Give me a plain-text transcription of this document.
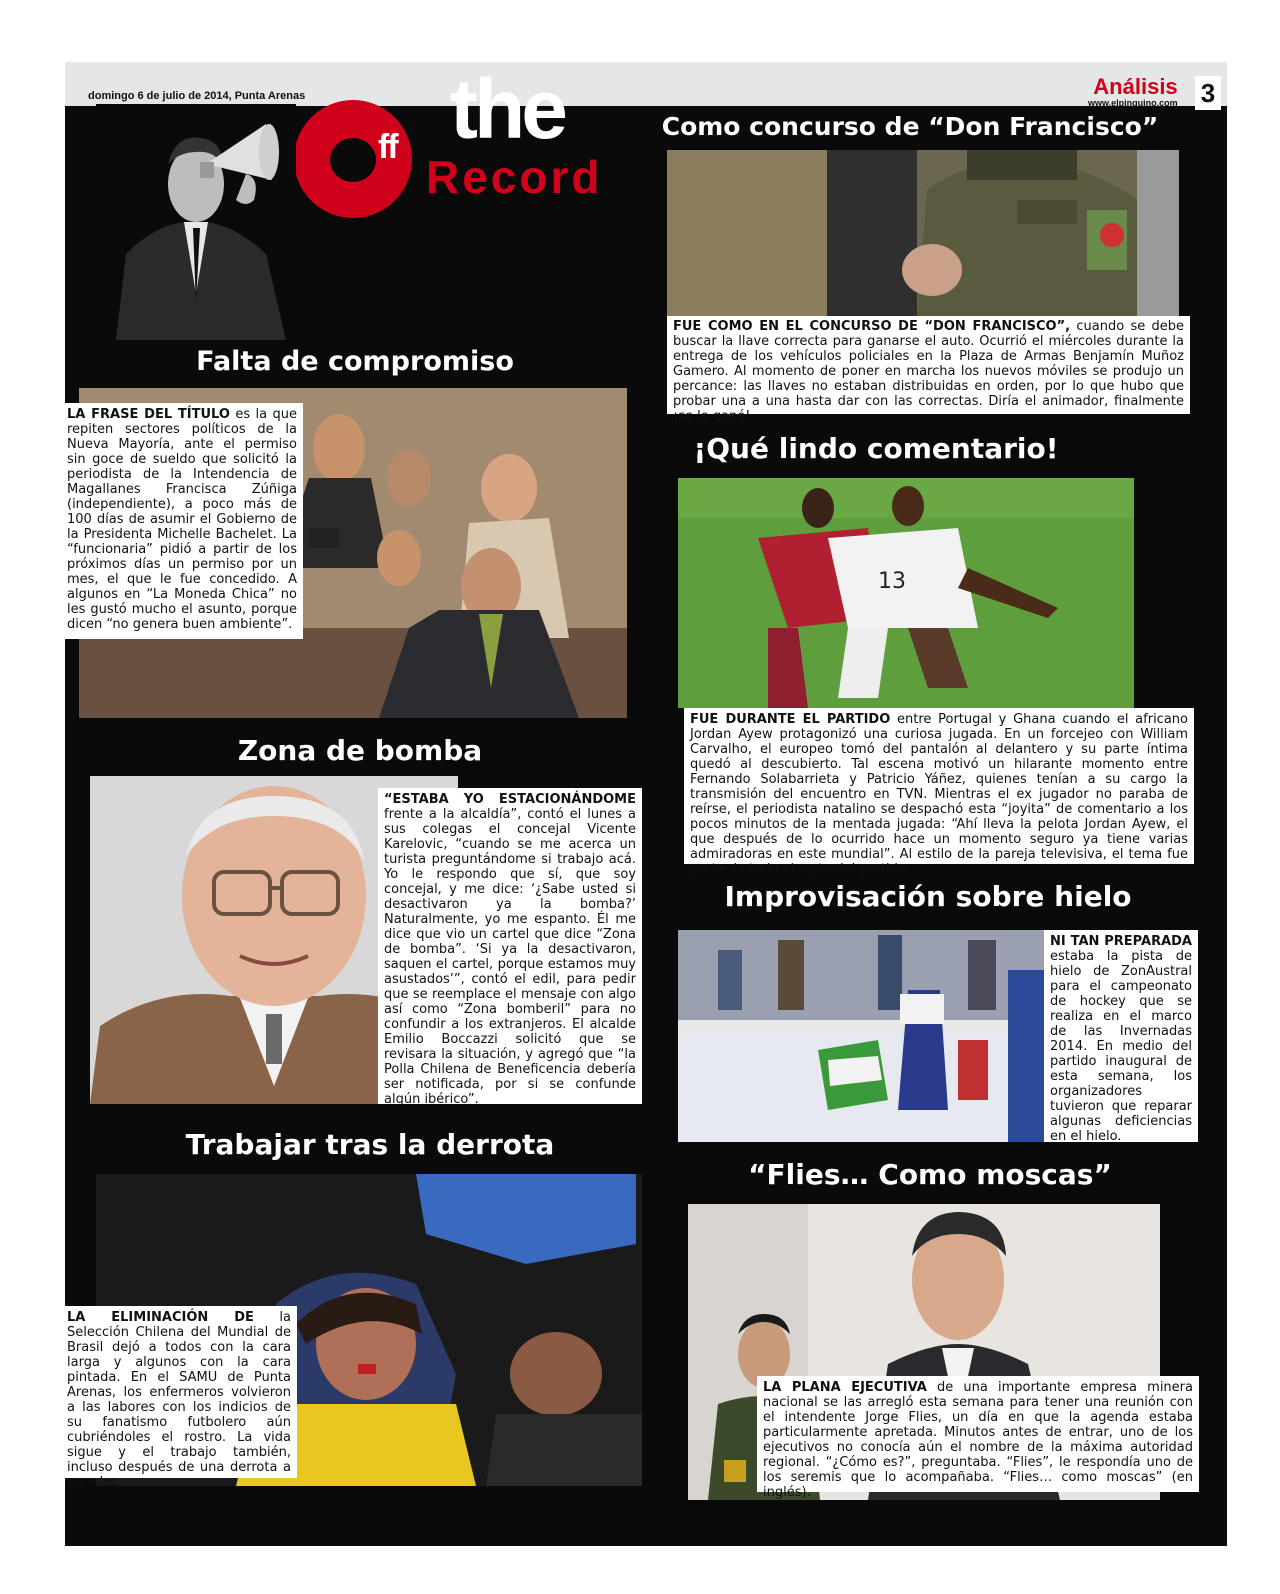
domingo 6 de julio de 2014, Punta Arenas	Análisis
www.elpinguino.com 3
ff the
Record
Como concurso de “Don Francisco”
FUE COMO EN EL CONCURSO DE “DON FRANCISCO”, cuando se debe buscar la llave correcta para ganarse el auto. Ocurrió el miércoles durante la entrega de los vehículos policiales en la Plaza de Armas Benjamín Muñoz Gamero. Al momento de poner en marcha los nuevos móviles se produjo un percance: las llaves no estaban distribuidas en orden, por lo que hubo que probar una a una hasta dar con las correctas. Diría el animador, finalmente ¡se lo ganó!
Falta de compromiso
LA FRASE DEL TÍTULO es la que repiten sectores políticos de la Nueva Mayoría, ante el permiso sin goce de sueldo que solicitó la periodista de la Intendencia de Magallanes Francisca Zúñiga (independiente), a poco más de 100 días de asumir el Gobierno de la Presidenta Michelle Bachelet. La “funcionaria” pidió a partir de los próximos días un permiso por un mes, el que le fue concedido. A algunos en “La Moneda Chica” no les gustó mucho el asunto, porque dicen “no genera buen ambiente”.
¡Qué lindo comentario!
13
FUE DURANTE EL PARTIDO entre Portugal y Ghana cuando el africano Jordan Ayew protagonizó una curiosa jugada. En un forcejeo con William Carvalho, el europeo tomó del pantalón al delantero y su parte íntima quedó al descubierto. Tal escena motivó un hilarante momento entre Fernando Solabarrieta y Patricio Yáñez, quienes tenían a su cargo la transmisión del encuentro en TVN. Mientras el ex jugador no paraba de reírse, el periodista natalino se despachó esta “joyita” de comentario a los pocos minutos de la mentada jugada: “Ahí lleva la pelota Jordan Ayew, el que después de lo ocurrido hace un momento seguro ya tiene varias admiradoras en este mundial”. Al estilo de la pareja televisiva, el tema fue parte de todo el resto del partido.
Zona de bomba
“ESTABA YO ESTACIONÁNDOME frente a la alcaldía”, contó el lunes a sus colegas el concejal Vicente Karelovic, “cuando se me acerca un turista preguntándome si trabajo acá. Yo le respondo que sí, que soy concejal, y me dice: ‘¿Sabe usted si desactivaron ya la bomba?’ Naturalmente, yo me espanto. Él me dice que vio un cartel que dice “Zona de bomba”. ‘Si ya la desactivaron, saquen el cartel, porque estamos muy asustados’”, contó el edil, para pedir que se reemplace el mensaje con algo así como “Zona bomberil” para no confundir a los extranjeros. El alcalde Emilio Boccazzi solicitó que se revisara la situación, y agregó que “la Polla Chilena de Beneficencia debería ser notificada, por si se confunde algún ibérico”.
Improvisación sobre hielo
NI TAN PREPARADA estaba la pista de hielo de ZonAustral para el campeonato de hockey que se realiza en el marco de las Invernadas 2014. En medio del partido inaugural de esta semana, los organizadores tuvieron que reparar algunas deficiencias en el hielo.
Trabajar tras la derrota
LA ELIMINACIÓN DE la Selección Chilena del Mundial de Brasil dejó a todos con la cara larga y algunos con la cara pintada. En el SAMU de Punta Arenas, los enfermeros volvieron a las labores con los indicios de su fanatismo futbolero aún cubriéndoles el rostro. La vida sigue y el trabajo también, incluso después de una derrota a penales.
“Flies… Como moscas”
LA PLANA EJECUTIVA de una importante empresa minera nacional se las arregló esta semana para tener una reunión con el intendente Jorge Flies, un día en que la agenda estaba particularmente apretada. Minutos antes de entrar, uno de los ejecutivos no conocía aún el nombre de la máxima autoridad regional. “¿Cómo es?”, preguntaba. “Flies”, le respondía uno de los seremis que lo acompañaba. “Flies… como moscas” (en inglés).
